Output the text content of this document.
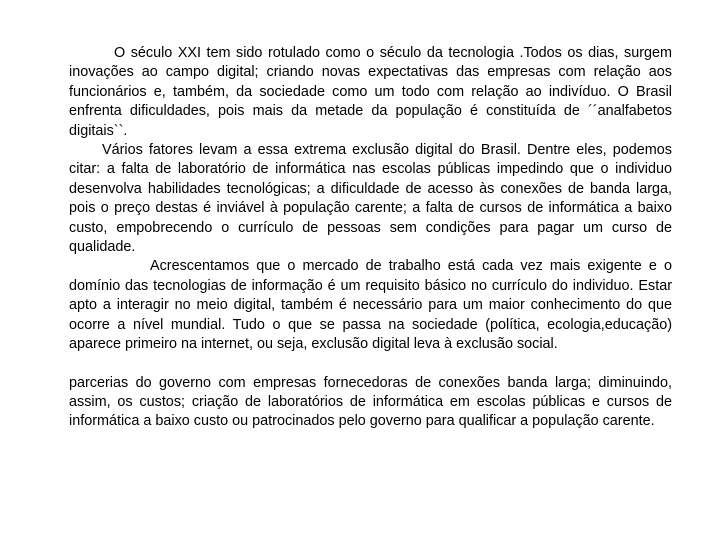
O século XXI tem sido rotulado como o século da tecnologia .Todos os dias, surgem inovações ao campo digital; criando novas expectativas das empresas com relação aos funcionários e, também, da sociedade como um todo com relação ao indivíduo. O Brasil enfrenta dificuldades, pois mais da metade da população é constituída de ´´analfabetos digitais``.

Vários fatores levam a essa extrema exclusão digital do Brasil. Dentre eles, podemos citar: a falta de laboratório de informática nas escolas públicas impedindo que o individuo desenvolva habilidades tecnológicas; a dificuldade de acesso às conexões de banda larga, pois o preço destas é inviável à população carente; a falta de cursos de informática a baixo custo, empobrecendo o currículo de pessoas sem condições para pagar um curso de qualidade.

Acrescentamos que o mercado de trabalho está cada vez mais exigente e o domínio das tecnologias de informação é um requisito básico no currículo do individuo. Estar apto a interagir no meio digital, também é necessário para um maior conhecimento do que ocorre a nível mundial. Tudo o que se passa na sociedade (política, ecologia,educação) aparece primeiro na internet, ou seja, exclusão digital leva à exclusão social.

parcerias do governo com empresas fornecedoras de conexões banda larga; diminuindo, assim, os custos; criação de laboratórios de informática em escolas públicas e cursos de informática a baixo custo ou patrocinados pelo governo para qualificar a população carente.
